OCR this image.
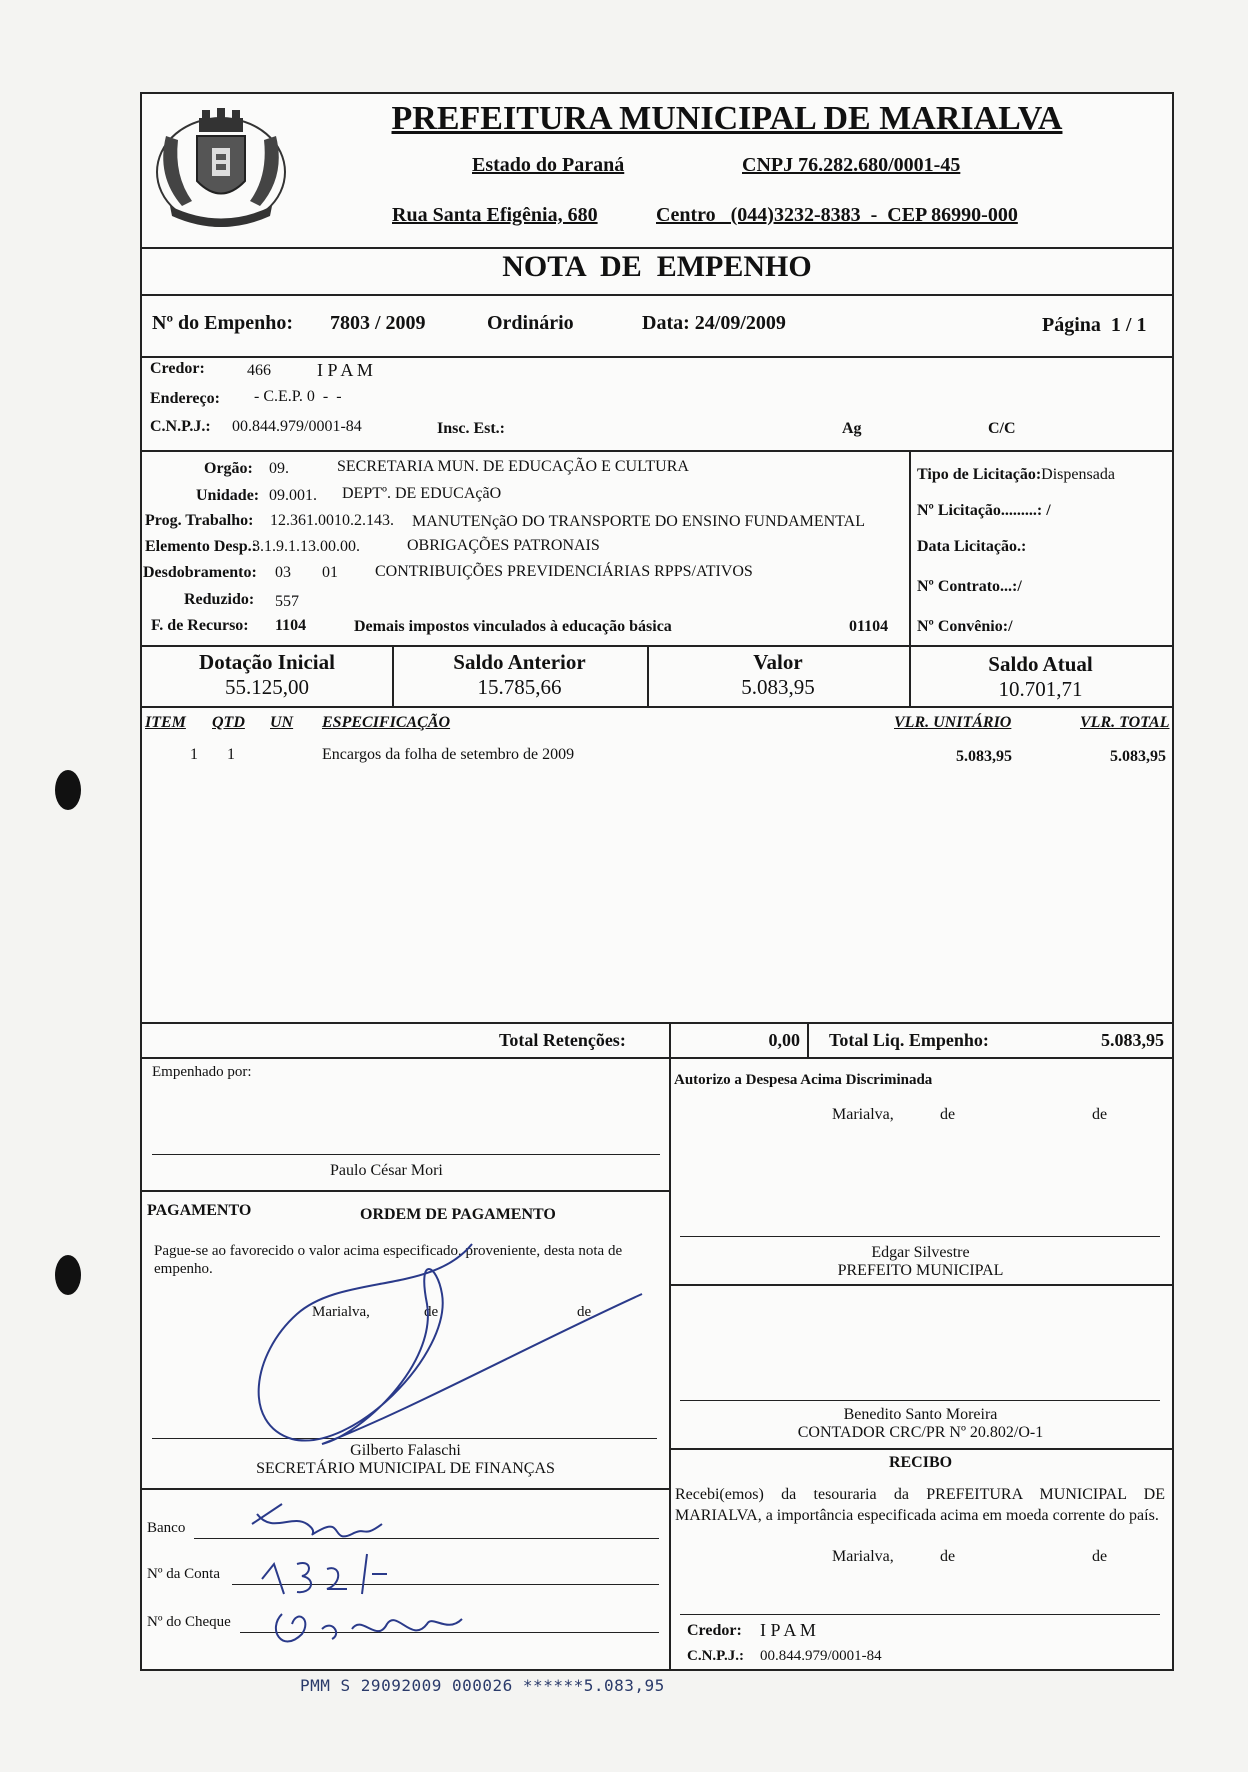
PREFEITURA MUNICIPAL DE MARIALVA
Estado do Paraná	CNPJ 76.282.680/0001-45
Rua Santa Efigênia, 680	Centro   (044)3232-8383  -  CEP 86990-000
NOTA  DE  EMPENHO
Nº do Empenho: 7803 / 2009	Ordinário	Data: 24/09/2009	Página  1 / 1
Credor:	466	I P A M
Endereço: - C.E.P. 0  -  -
C.N.P.J.: 00.844.979/0001-84	Insc. Est.:	Ag	C/C
Orgão: 09.	SECRETARIA MUN. DE EDUCAÇÃO E CULTURA
Unidade: 09.001. DEPTº. DE EDUCAçãO
Prog. Trabalho: 12.361.0010.2.143. MANUTENçãO DO TRANSPORTE DO ENSINO FUNDAMENTAL
Elemento Desp.:
3.1.9.1.13.00.00.	OBRIGAÇÕES PATRONAIS
Desdobramento: 03 01 CONTRIBUIÇÕES PREVIDENCIÁRIAS RPPS/ATIVOS
Reduzido: 557
F. de Recurso: 1104	Demais impostos vinculados à educação básica	01104
Tipo de Licitação:Dispensada
Nº Licitação.........: /
Data Licitação.:
Nº Contrato...:/
Nº Convênio:/
Dotação Inicial
55.125,00
Saldo Anterior
15.785,66
Valor
5.083,95
Saldo Atual
10.701,71
ITEM QTD UN ESPECIFICAÇÃO	VLR. UNITÁRIO	VLR. TOTAL
1 1	Encargos da folha de setembro de 2009	5.083,95	5.083,95
Total Retenções:	0,00 Total Liq. Empenho:	5.083,95
Empenhado por:
Paulo César Mori
PAGAMENTO	ORDEM DE PAGAMENTO
Pague-se ao favorecido o valor acima especificado, proveniente, desta nota de empenho.
Marialva,	de	de
Gilberto Falaschi
SECRETÁRIO MUNICIPAL DE FINANÇAS
Banco
Nº da Conta
Nº do Cheque
Autorizo a Despesa Acima Discriminada
Marialva,	de	de
Edgar Silvestre
PREFEITO MUNICIPAL
Benedito Santo Moreira
CONTADOR CRC/PR Nº 20.802/O-1
RECIBO
Recebi(emos) da tesouraria da PREFEITURA MUNICIPAL DE MARIALVA, a importância especificada acima em moeda corrente do país.
Marialva,	de	de
Credor: I P A M
C.N.P.J.: 00.844.979/0001-84
PMM S 29092009 000026 ******5.083,95
